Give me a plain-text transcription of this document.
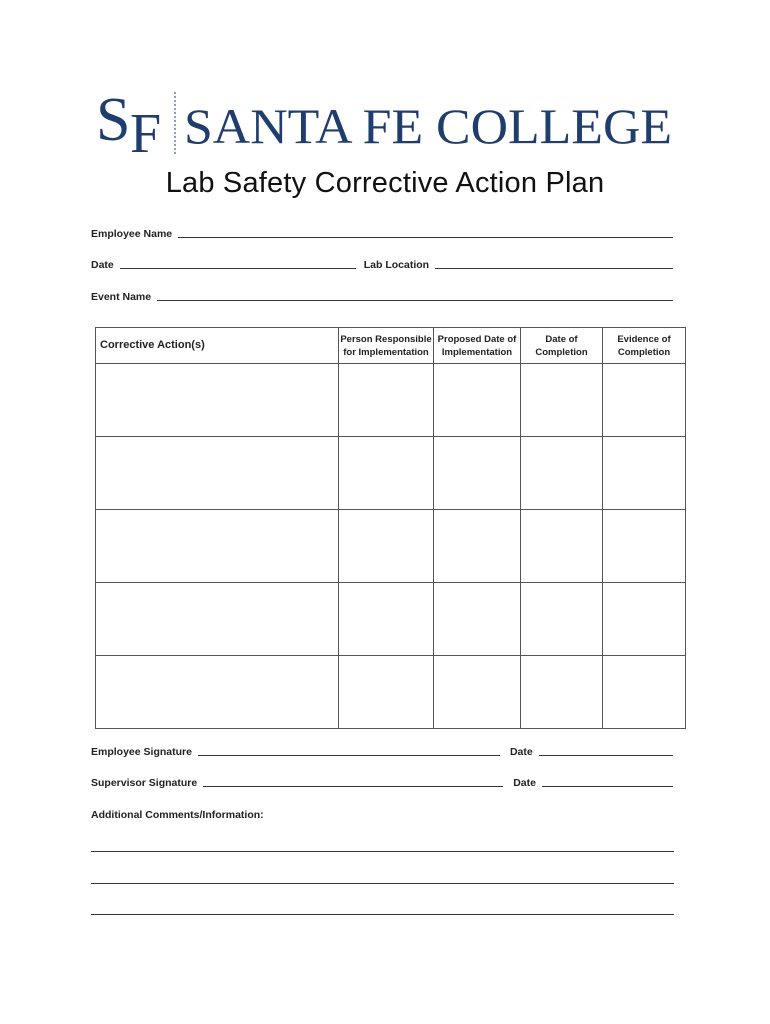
S F SANTA FE COLLEGE
Lab Safety Corrective Action Plan
Employee Name
Date	Lab Location
Event Name
Corrective Action(s)	Person Responsible for Implementation	Proposed Date of Implementation	Date of Completion	Evidence of Completion

Employee Signature	Date
Supervisor Signature	Date
Additional Comments/Information:
